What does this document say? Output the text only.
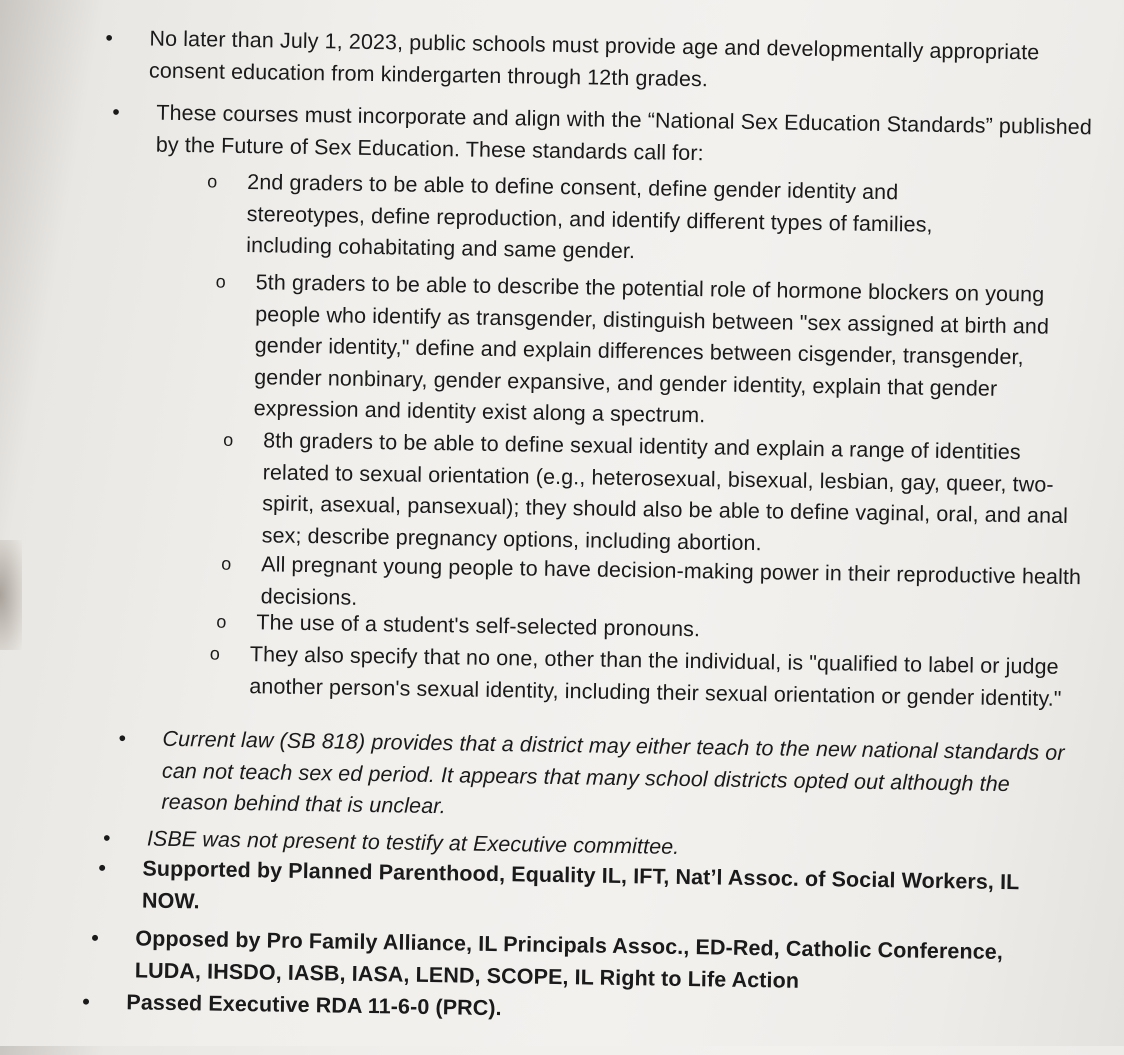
• No later than July 1, 2023, public schools must provide age and developmentally appropriate consent education from kindergarten through 12th grades.
• These courses must incorporate and align with the “National Sex Education Standards” published by the Future of Sex Education. These standards call for:
o 2nd graders to be able to define consent, define gender identity and stereotypes, define reproduction, and identify different types of families, including cohabitating and same gender.
o 5th graders to be able to describe the potential role of hormone blockers on young people who identify as transgender, distinguish between "sex assigned at birth and gender identity," define and explain differences between cisgender, transgender, gender nonbinary, gender expansive, and gender identity, explain that gender expression and identity exist along a spectrum.
o 8th graders to be able to define sexual identity and explain a range of identities related to sexual orientation (e.g., heterosexual, bisexual, lesbian, gay, queer, two-spirit, asexual, pansexual); they should also be able to define vaginal, oral, and anal sex; describe pregnancy options, including abortion.
o All pregnant young people to have decision-making power in their reproductive health decisions.
o The use of a student's self-selected pronouns.
o They also specify that no one, other than the individual, is "qualified to label or judge another person's sexual identity, including their sexual orientation or gender identity."
• Current law (SB 818) provides that a district may either teach to the new national standards or can not teach sex ed period. It appears that many school districts opted out although the reason behind that is unclear.
• ISBE was not present to testify at Executive committee.
• Supported by Planned Parenthood, Equality IL, IFT, Nat’l Assoc. of Social Workers, IL NOW.
• Opposed by Pro Family Alliance, IL Principals Assoc., ED-Red, Catholic Conference, LUDA, IHSDO, IASB, IASA, LEND, SCOPE, IL Right to Life Action
• Passed Executive RDA 11-6-0 (PRC).
